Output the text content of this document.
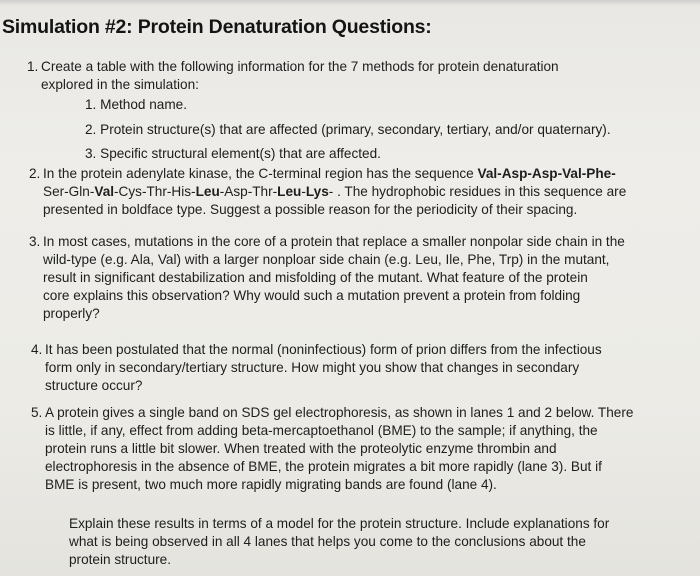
Simulation #2: Protein Denaturation Questions:
1. Create a table with the following information for the 7 methods for protein denaturation
explored in the simulation:
1. Method name.
2. Protein structure(s) that are affected (primary, secondary, tertiary, and/or quaternary).
3. Specific structural element(s) that are affected.
2. In the protein adenylate kinase, the C-terminal region has the sequence Val-Asp-Asp-Val-Phe-
Ser-Gln-Val-Cys-Thr-His-Leu-Asp-Thr-Leu-Lys- . The hydrophobic residues in this sequence are
presented in boldface type. Suggest a possible reason for the periodicity of their spacing.
3. In most cases, mutations in the core of a protein that replace a smaller nonpolar side chain in the
wild-type (e.g. Ala, Val) with a larger nonploar side chain (e.g. Leu, Ile, Phe, Trp) in the mutant,
result in significant destabilization and misfolding of the mutant. What feature of the protein
core explains this observation? Why would such a mutation prevent a protein from folding
properly?
4. It has been postulated that the normal (noninfectious) form of prion differs from the infectious
form only in secondary/tertiary structure. How might you show that changes in secondary
structure occur?
5. A protein gives a single band on SDS gel electrophoresis, as shown in lanes 1 and 2 below. There
is little, if any, effect from adding beta-mercaptoethanol (BME) to the sample; if anything, the
protein runs a little bit slower. When treated with the proteolytic enzyme thrombin and
electrophoresis in the absence of BME, the protein migrates a bit more rapidly (lane 3). But if
BME is present, two much more rapidly migrating bands are found (lane 4).
Explain these results in terms of a model for the protein structure. Include explanations for
what is being observed in all 4 lanes that helps you come to the conclusions about the
protein structure.
